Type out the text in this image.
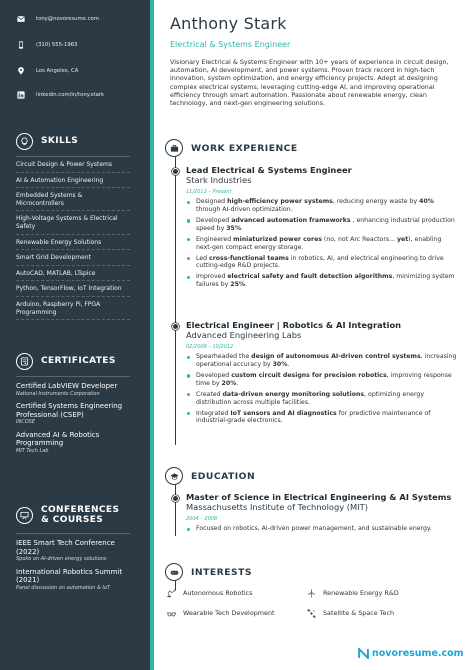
tony@novoresume.com
(310) 555-1963
Los Angeles, CA
linkedin.com/in/tony.stark
SKILLS
Circuit Design & Power Systems
AI & Automation Engineering
Embedded Systems & Microcontrollers
High-Voltage Systems & Electrical Safety
Renewable Energy Solutions
Smart Grid Development
AutoCAD, MATLAB, LTspice
Python, TensorFlow, IoT Integration
Arduino, Raspberry Pi, FPGA Programming
CERTIFICATES
Certified LabVIEW Developer
National Instruments Corporation
Certified Systems Engineering Professional (CSEP)
INCOSE
Advanced AI & Robotics Programming
MIT Tech Lab
CONFERENCES
& COURSES
IEEE Smart Tech Conference (2022)
Spoke on AI-driven energy solutions
International Robotics Summit (2021)
Panel discussion on automation & IoT
Anthony Stark
Electrical & Systems Engineer
Visionary Electrical & Systems Engineer with 10+ years of experience in circuit design, automation, AI development, and power systems. Proven track record in high-tech innovation, system optimization, and energy efficiency projects. Adept at designing complex electrical systems, leveraging cutting-edge AI, and improving operational efficiency through smart automation. Passionate about renewable energy, clean technology, and next-gen engineering solutions.
WORK EXPERIENCE
Lead Electrical & Systems Engineer
Stark Industries
11/2012 – Present
Designed high-efficiency power systems, reducing energy waste by 40% through AI-driven optimization.
Developed advanced automation frameworks , enhancing industrial production speed by 35%.
Engineered miniaturized power cores (no, not Arc Reactors... yet), enabling next-gen compact energy storage.
Led cross-functional teams in robotics, AI, and electrical engineering to drive cutting-edge R&D projects.
Improved electrical safety and fault detection algorithms, minimizing system failures by 25%.
Electrical Engineer | Robotics & AI Integration
Advanced Engineering Labs
02/2008 – 10/2012
Spearheaded the design of autonomous AI-driven control systems, increasing operational accuracy by 30%.
Developed custom circuit designs for precision robotics, improving response time by 20%.
Created data-driven energy monitoring solutions, optimizing energy distribution across multiple facilities.
Integrated IoT sensors and AI diagnostics for predictive maintenance of industrial-grade electronics.
EDUCATION
Master of Science in Electrical Engineering & AI Systems
Massachusetts Institute of Technology (MIT)
2004 – 2008
Focused on robotics, AI-driven power management, and sustainable energy.
INTERESTS
Autonomous Robotics	Renewable Energy R&D
Wearable Tech Development	Satellite & Space Tech
novoresume.com
